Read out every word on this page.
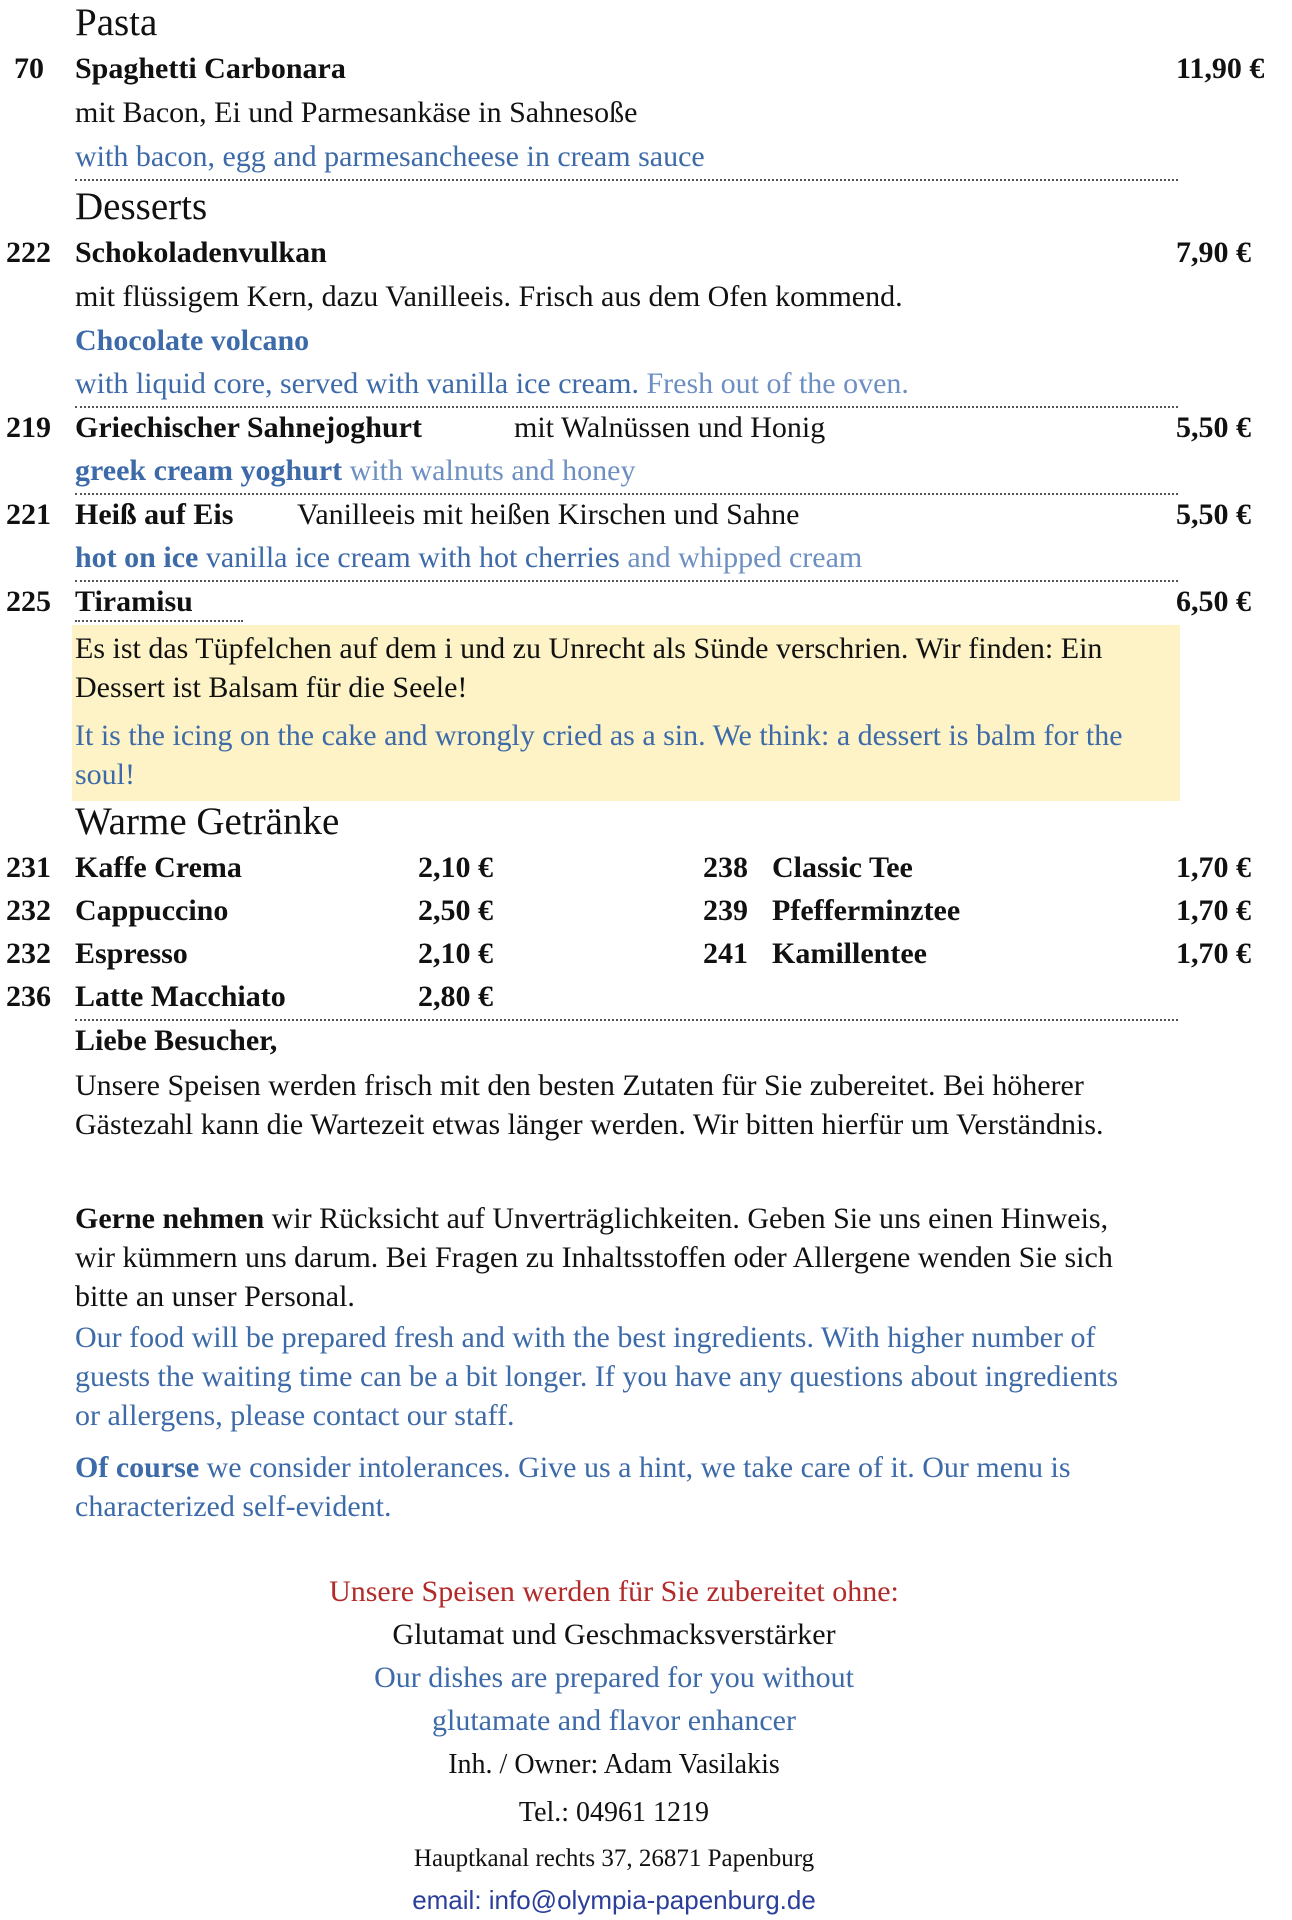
Pasta
70 Spaghetti Carbonara	11,90 €
mit Bacon, Ei und Parmesankäse in Sahnesoße
with bacon, egg and parmesancheese in cream sauce
Desserts
222 Schokoladenvulkan	7,90 €
mit flüssigem Kern, dazu Vanilleeis. Frisch aus dem Ofen kommend.
Chocolate volcano
with liquid core, served with vanilla ice cream. Fresh out of the oven.
219 Griechischer Sahnejoghurt	mit Walnüssen und Honig	5,50 €
greek cream yoghurt with walnuts and honey
221 Heiß auf Eis Vanilleeis mit heißen Kirschen und Sahne	5,50 €
hot on ice vanilla ice cream with hot cherries and whipped cream
225 Tiramisu	6,50 €
Es ist das Tüpfelchen auf dem i und zu Unrecht als Sünde verschrien. Wir finden: Ein Dessert ist Balsam für die Seele!
It is the icing on the cake and wrongly cried as a sin. We think: a dessert is balm for the soul!
Warme Getränke
231 Kaffe Crema	2,10 €
232 Cappuccino	2,50 €
232 Espresso	2,10 €
236 Latte Macchiato	2,80 €
238 Classic Tee	1,70 €
239 Pfefferminztee	1,70 €
241 Kamillentee	1,70 €
Liebe Besucher,
Unsere Speisen werden frisch mit den besten Zutaten für Sie zubereitet. Bei höherer Gästezahl kann die Wartezeit etwas länger werden. Wir bitten hierfür um Verständnis.
Gerne nehmen wir Rücksicht auf Unverträglichkeiten. Geben Sie uns einen Hinweis, wir kümmern uns darum. Bei Fragen zu Inhaltsstoffen oder Allergene wenden Sie sich bitte an unser Personal.
Our food will be prepared fresh and with the best ingredients. With higher number of guests the waiting time can be a bit longer. If you have any questions about ingredients or allergens, please contact our staff.
Of course we consider intolerances. Give us a hint, we take care of it. Our menu is characterized self-evident.
Unsere Speisen werden für Sie zubereitet ohne:
Glutamat und Geschmacksverstärker
Our dishes are prepared for you without
glutamate and flavor enhancer
Inh. / Owner: Adam Vasilakis
Tel.: 04961 1219
Hauptkanal rechts 37, 26871 Papenburg
email: info@olympia-papenburg.de
